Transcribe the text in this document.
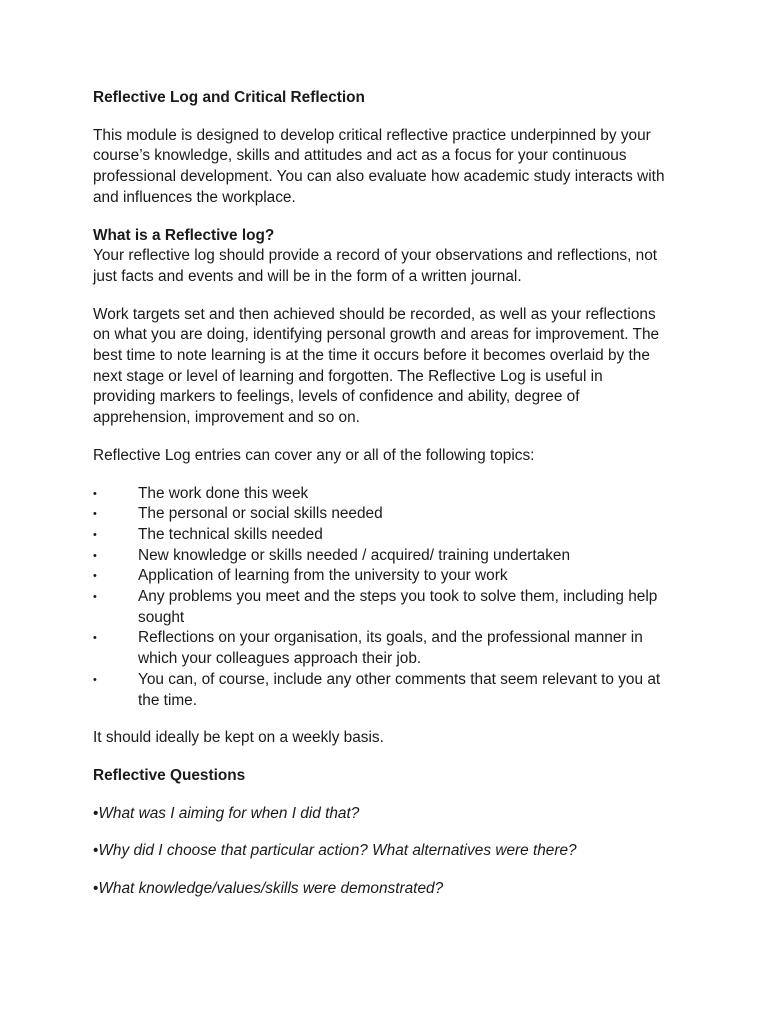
Reflective Log and Critical Reflection

This module is designed to develop critical reflective practice underpinned by your course’s knowledge, skills and attitudes and act as a focus for your continuous professional development. You can also evaluate how academic study interacts with and influences the workplace.

What is a Reflective log?

Your reflective log should provide a record of your observations and reflections, not just facts and events and will be in the form of a written journal.

Work targets set and then achieved should be recorded, as well as your reflections on what you are doing, identifying personal growth and areas for improvement. The best time to note learning is at the time it occurs before it becomes overlaid by the next stage or level of learning and forgotten. The Reflective Log is useful in providing markers to feelings, levels of confidence and ability, degree of apprehension, improvement and so on.

Reflective Log entries can cover any or all of the following topics:

•	The work done this week
•	The personal or social skills needed
•	The technical skills needed
•	New knowledge or skills needed / acquired/ training undertaken
•	Application of learning from the university to your work
•	Any problems you meet and the steps you took to solve them, including help sought
•	Reflections on your organisation, its goals, and the professional manner in which your colleagues approach their job.
•	You can, of course, include any other comments that seem relevant to you at the time.

It should ideally be kept on a weekly basis.

Reflective Questions

•What was I aiming for when I did that?

•Why did I choose that particular action? What alternatives were there?

•What knowledge/values/skills were demonstrated?
